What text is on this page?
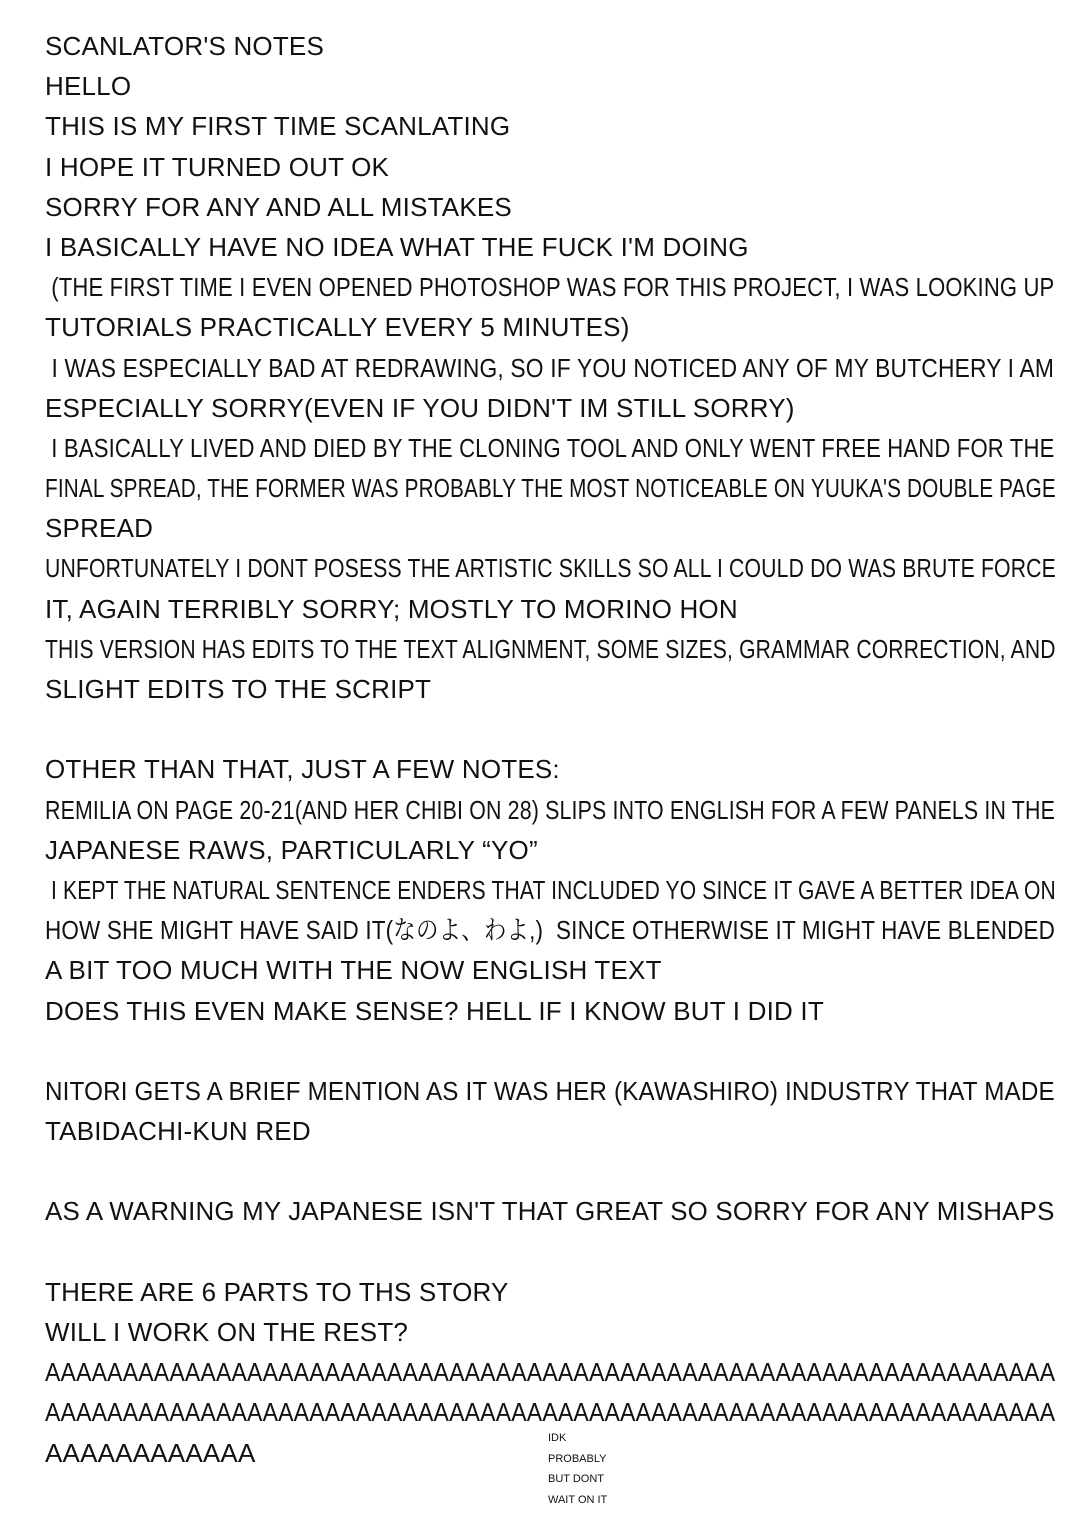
SCANLATOR'S NOTES
HELLO
THIS IS MY FIRST TIME SCANLATING
I HOPE IT TURNED OUT OK
SORRY FOR ANY AND ALL MISTAKES
I BASICALLY HAVE NO IDEA WHAT THE FUCK I'M DOING
(THE FIRST TIME I EVEN OPENED PHOTOSHOP WAS FOR THIS PROJECT, I WAS LOOKING UP
TUTORIALS PRACTICALLY EVERY 5 MINUTES)
I WAS ESPECIALLY BAD AT REDRAWING, SO IF YOU NOTICED ANY OF MY BUTCHERY I AM
ESPECIALLY SORRY(EVEN IF YOU DIDN'T IM STILL SORRY)
I BASICALLY LIVED AND DIED BY THE CLONING TOOL AND ONLY WENT FREE HAND FOR THE
FINAL SPREAD, THE FORMER WAS PROBABLY THE MOST NOTICEABLE ON YUUKA'S DOUBLE PAGE
SPREAD
UNFORTUNATELY I DONT POSESS THE ARTISTIC SKILLS SO ALL I COULD DO WAS BRUTE FORCE
IT, AGAIN TERRIBLY SORRY; MOSTLY TO MORINO HON
THIS VERSION HAS EDITS TO THE TEXT ALIGNMENT, SOME SIZES, GRAMMAR CORRECTION, AND
SLIGHT EDITS TO THE SCRIPT
OTHER THAN THAT, JUST A FEW NOTES:
REMILIA ON PAGE 20-21(AND HER CHIBI ON 28) SLIPS INTO ENGLISH FOR A FEW PANELS IN THE
JAPANESE RAWS, PARTICULARLY “YO”
I KEPT THE NATURAL SENTENCE ENDERS THAT INCLUDED YO SINCE IT GAVE A BETTER IDEA ON
HOW SHE MIGHT HAVE SAID IT(なのよ、わよ,)  SINCE OTHERWISE IT MIGHT HAVE BLENDED
A BIT TOO MUCH WITH THE NOW ENGLISH TEXT
DOES THIS EVEN MAKE SENSE? HELL IF I KNOW BUT I DID IT
NITORI GETS A BRIEF MENTION AS IT WAS HER (KAWASHIRO) INDUSTRY THAT MADE
TABIDACHI-KUN RED
AS A WARNING MY JAPANESE ISN'T THAT GREAT SO SORRY FOR ANY MISHAPS
THERE ARE 6 PARTS TO THS STORY
WILL I WORK ON THE REST?
AAAAAAAAAAAAAAAAAAAAAAAAAAAAAAAAAAAAAAAAAAAAAAAAAAAAAAAAAAAAAAAAA
AAAAAAAAAAAAAAAAAAAAAAAAAAAAAAAAAAAAAAAAAAAAAAAAAAAAAAAAAAAAAAAAA
AAAAAAAAAAAA	IDK
PROBABLY
BUT DONT
WAIT ON IT
